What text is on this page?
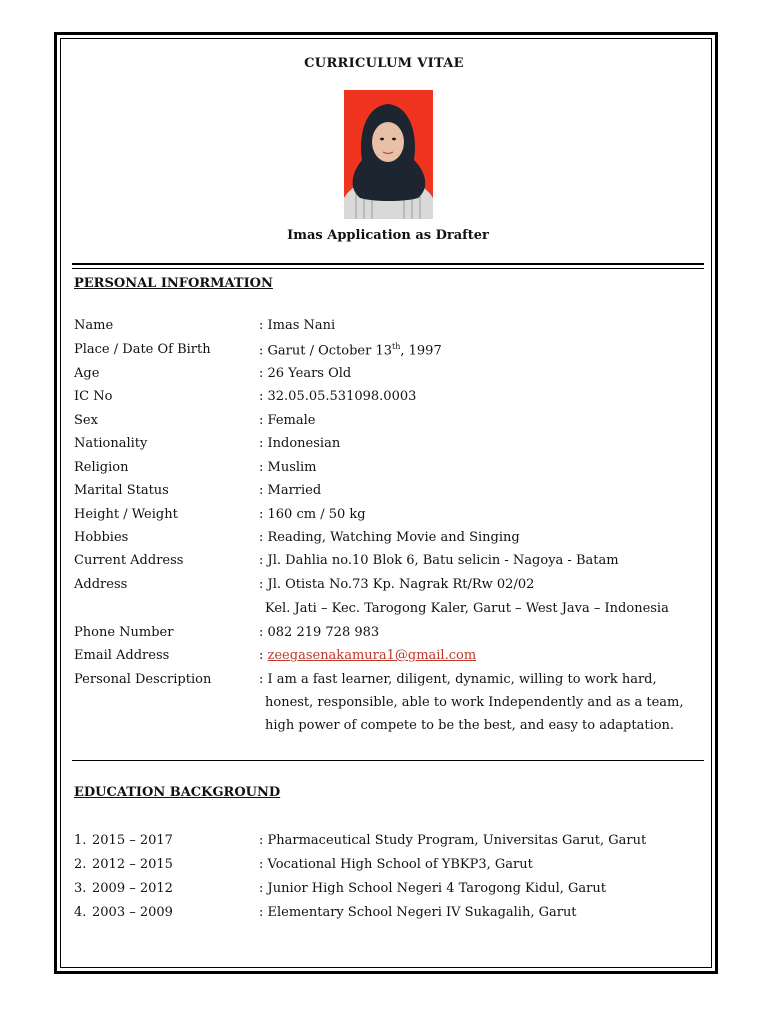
CURRICULUM VITAE
Imas Application as Drafter
PERSONAL INFORMATION
Name	: Imas Nani
Place / Date Of Birth	: Garut / October 13th, 1997
Age	: 26 Years Old
IC No	: 32.05.05.531098.0003
Sex	: Female
Nationality	: Indonesian
Religion	: Muslim
Marital Status	: Married
Height / Weight	: 160 cm / 50 kg
Hobbies	: Reading, Watching Movie and Singing
Current Address	: Jl. Dahlia no.10 Blok 6, Batu selicin - Nagoya - Batam
Address	: Jl. Otista No.73 Kp. Nagrak Rt/Rw 02/02
Kel. Jati – Kec. Tarogong Kaler, Garut – West Java – Indonesia
Phone Number	: 082 219 728 983
Email Address	: zeegasenakamura1@gmail.com
Personal Description	: I am a fast learner, diligent, dynamic, willing to work hard,
honest, responsible, able to work Independently and as a team,
high power of compete to be the best, and easy to adaptation.
EDUCATION BACKGROUND
1. 2015 – 2017	: Pharmaceutical Study Program, Universitas Garut, Garut
2. 2012 – 2015	: Vocational High School of YBKP3, Garut
3. 2009 – 2012	: Junior High School Negeri 4 Tarogong Kidul, Garut
4. 2003 – 2009	: Elementary School Negeri IV Sukagalih, Garut
